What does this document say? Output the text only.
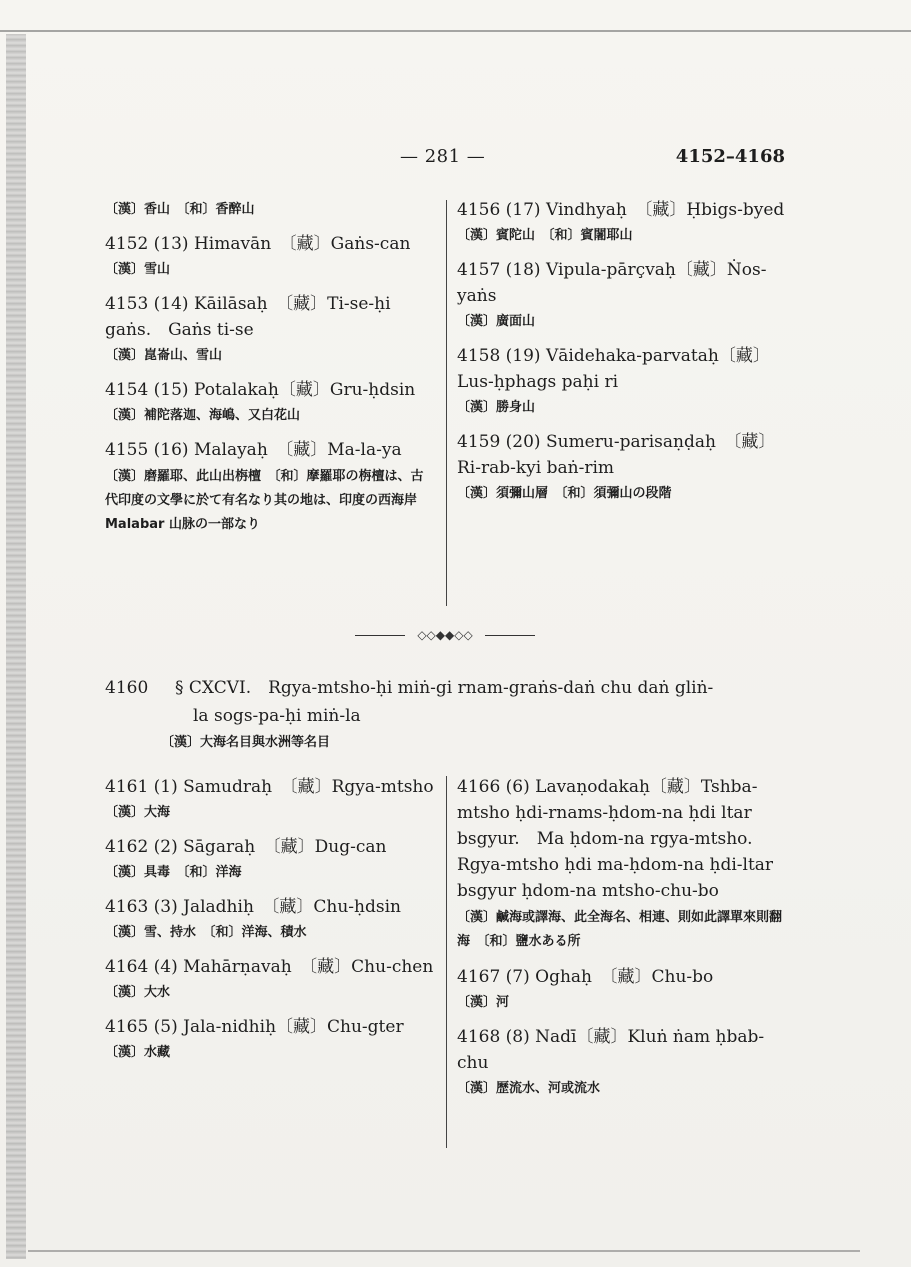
— 281 —	4152–4168
〔漢〕香山　〔和〕香醉山
4152 (13) Himavān　〔藏〕Gaṅs-can
〔漢〕雪山
4153 (14) Kāilāsaḥ　〔藏〕Ti-se-ḥi gaṅs.　Gaṅs ti-se
〔漢〕崑崙山、雪山
4154 (15) Potalakaḥ〔藏〕Gru-ḥdsin
〔漢〕補陀落迦、海嶋、又白花山
4155 (16) Malayaḥ　〔藏〕Ma-la-ya
〔漢〕磨羅耶、此山出栴檀　〔和〕摩羅耶の栴檀は、古代印度の文學に於て有名なり其の地は、印度の西海岸 Malabar 山脉の一部なり
4156 (17) Vindhyaḥ　〔藏〕Ḥbigs-byed
〔漢〕賓陀山　〔和〕賓闍耶山
4157 (18) Vipula-pārçvaḥ〔藏〕Ṅos-yaṅs
〔漢〕廣面山
4158 (19) Vāidehaka-parvataḥ〔藏〕Lus-ḥphags paḥi ri
〔漢〕勝身山
4159 (20) Sumeru-parisaṇḍaḥ　〔藏〕Ri-rab-kyi baṅ-rim
〔漢〕須彌山層　〔和〕須彌山の段階
◇◇◆◆◇◇
4160 § CXCVI.　Rgya-mtsho-ḥi miṅ-gi rnam-graṅs-daṅ chu daṅ gliṅ-
la sogs-pa-ḥi miṅ-la
〔漢〕大海名目與水洲等名目
4161 (1) Samudraḥ　〔藏〕Rgya-mtsho
〔漢〕大海
4162 (2) Sāgaraḥ　〔藏〕Dug-can
〔漢〕具毒　〔和〕洋海
4163 (3) Jaladhiḥ　〔藏〕Chu-ḥdsin
〔漢〕雪、持水　〔和〕洋海、積水
4164 (4) Mahārṇavaḥ　〔藏〕Chu-chen
〔漢〕大水
4165 (5) Jala-nidhiḥ〔藏〕Chu-gter
〔漢〕水藏
4166 (6) Lavaṇodakaḥ〔藏〕Tshba-mtsho ḥdi-rnams-ḥdom-na ḥdi ltar bsgyur.　Ma ḥdom-na rgya-mtsho.　Rgya-mtsho ḥdi ma-ḥdom-na ḥdi-ltar bsgyur ḥdom-na mtsho-chu-bo
〔漢〕鹹海或譯海、此全海名、相連、則如此譯單來則翻海　〔和〕鹽水ある所
4167 (7) Oghaḥ　〔藏〕Chu-bo
〔漢〕河
4168 (8) Nadī〔藏〕Kluṅ ṅam ḥbab-chu
〔漢〕歷流水、河或流水
